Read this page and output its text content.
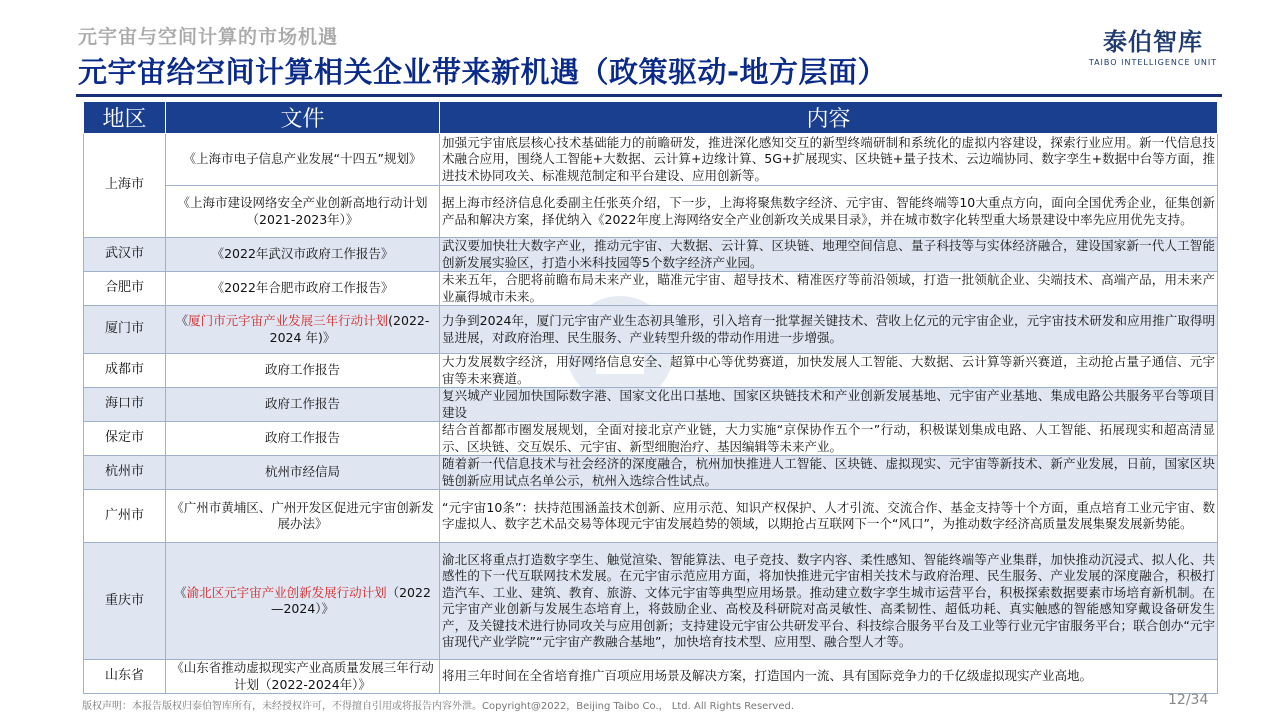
元宇宙与空间计算的市场机遇
元宇宙给空间计算相关企业带来新机遇（政策驱动-地方层面）
泰伯智库
TAIBO INTELLIGENCE UNIT
地区	文件	内容
上海市	《上海市电子信息产业发展“十四五”规划》	加强元宇宙底层核心技术基础能力的前瞻研发，推进深化感知交互的新型终端研制和系统化的虚拟内容建设，探索行业应用。新一代信息技术融合应用，围绕人工智能+大数据、云计算+边缘计算、5G+扩展现实、区块链+量子技术、云边端协同、数字孪生+数据中台等方面，推进技术协同攻关、标准规范制定和平台建设、应用创新等。
	《上海市建设网络安全产业创新高地行动计划（2021-2023年）》	据上海市经济信息化委副主任张英介绍，下一步，上海将聚焦数字经济、元宇宙、智能终端等10大重点方向，面向全国优秀企业，征集创新产品和解决方案，择优纳入《2022年度上海网络安全产业创新攻关成果目录》，并在城市数字化转型重大场景建设中率先应用优先支持。
武汉市	《2022年武汉市政府工作报告》	武汉要加快壮大数字产业，推动元宇宙、大数据、云计算、区块链、地理空间信息、量子科技等与实体经济融合，建设国家新一代人工智能创新发展实验区，打造小米科技园等5个数字经济产业园。
合肥市	《2022年合肥市政府工作报告》	未来五年，合肥将前瞻布局未来产业，瞄准元宇宙、超导技术、精准医疗等前沿领域，打造一批领航企业、尖端技术、高端产品，用未来产业赢得城市未来。
厦门市	《厦门市元宇宙产业发展三年行动计划(2022-2024 年)》	力争到2024年，厦门元宇宙产业生态初具雏形，引入培育一批掌握关键技术、营收上亿元的元宇宙企业，元宇宙技术研发和应用推广取得明显进展，对政府治理、民生服务、产业转型升级的带动作用进一步增强。
成都市	政府工作报告	大力发展数字经济，用好网络信息安全、超算中心等优势赛道，加快发展人工智能、大数据、云计算等新兴赛道，主动抢占量子通信、元宇宙等未来赛道。
海口市	政府工作报告	复兴城产业园加快国际数字港、国家文化出口基地、国家区块链技术和产业创新发展基地、元宇宙产业基地、集成电路公共服务平台等项目建设
保定市	政府工作报告	结合首都都市圈发展规划，全面对接北京产业链，大力实施“京保协作五个一”行动，积极谋划集成电路、人工智能、拓展现实和超高清显示、区块链、交互娱乐、元宇宙、新型细胞治疗、基因编辑等未来产业。
杭州市	杭州市经信局	随着新一代信息技术与社会经济的深度融合，杭州加快推进人工智能、区块链、虚拟现实、元宇宙等新技术、新产业发展，日前，国家区块链创新应用试点名单公示，杭州入选综合性试点。
广州市	《广州市黄埔区、广州开发区促进元宇宙创新发展办法》	“元宇宙10条”：扶持范围涵盖技术创新、应用示范、知识产权保护、人才引流、交流合作、基金支持等十个方面，重点培育工业元宇宙、数字虚拟人、数字艺术品交易等体现元宇宙发展趋势的领域，以期抢占互联网下一个“风口”，为推动数字经济高质量发展集聚发展新势能。
重庆市	《渝北区元宇宙产业创新发展行动计划（2022—2024）》	渝北区将重点打造数字孪生、触觉渲染、智能算法、电子竞技、数字内容、柔性感知、智能终端等产业集群，加快推动沉浸式、拟人化、共感性的下一代互联网技术发展。在元宇宙示范应用方面，将加快推进元宇宙相关技术与政府治理、民生服务、产业发展的深度融合，积极打造汽车、工业、建筑、教育、旅游、文体元宇宙等典型应用场景。推动建立数字孪生城市运营平台，积极探索数据要素市场培育新机制。在元宇宙产业创新与发展生态培育上，将鼓励企业、高校及科研院对高灵敏性、高柔韧性、超低功耗、真实触感的智能感知穿戴设备研发生产，及关键技术进行协同攻关与应用创新；支持建设元宇宙公共研发平台、科技综合服务平台及工业等行业元宇宙服务平台；联合创办“元宇宙现代产业学院”“元宇宙产教融合基地”，加快培育技术型、应用型、融合型人才等。
山东省	《山东省推动虚拟现实产业高质量发展三年行动计划（2022-2024年）》	将用三年时间在全省培育推广百项应用场景及解决方案，打造国内一流、具有国际竞争力的千亿级虚拟现实产业高地。
版权声明：本报告版权归泰伯智库所有，未经授权许可，不得擅自引用或将报告内容外泄。Copyright@2022，Beijing Taibo Co.， Ltd. All Rights Reserved.	12/34
